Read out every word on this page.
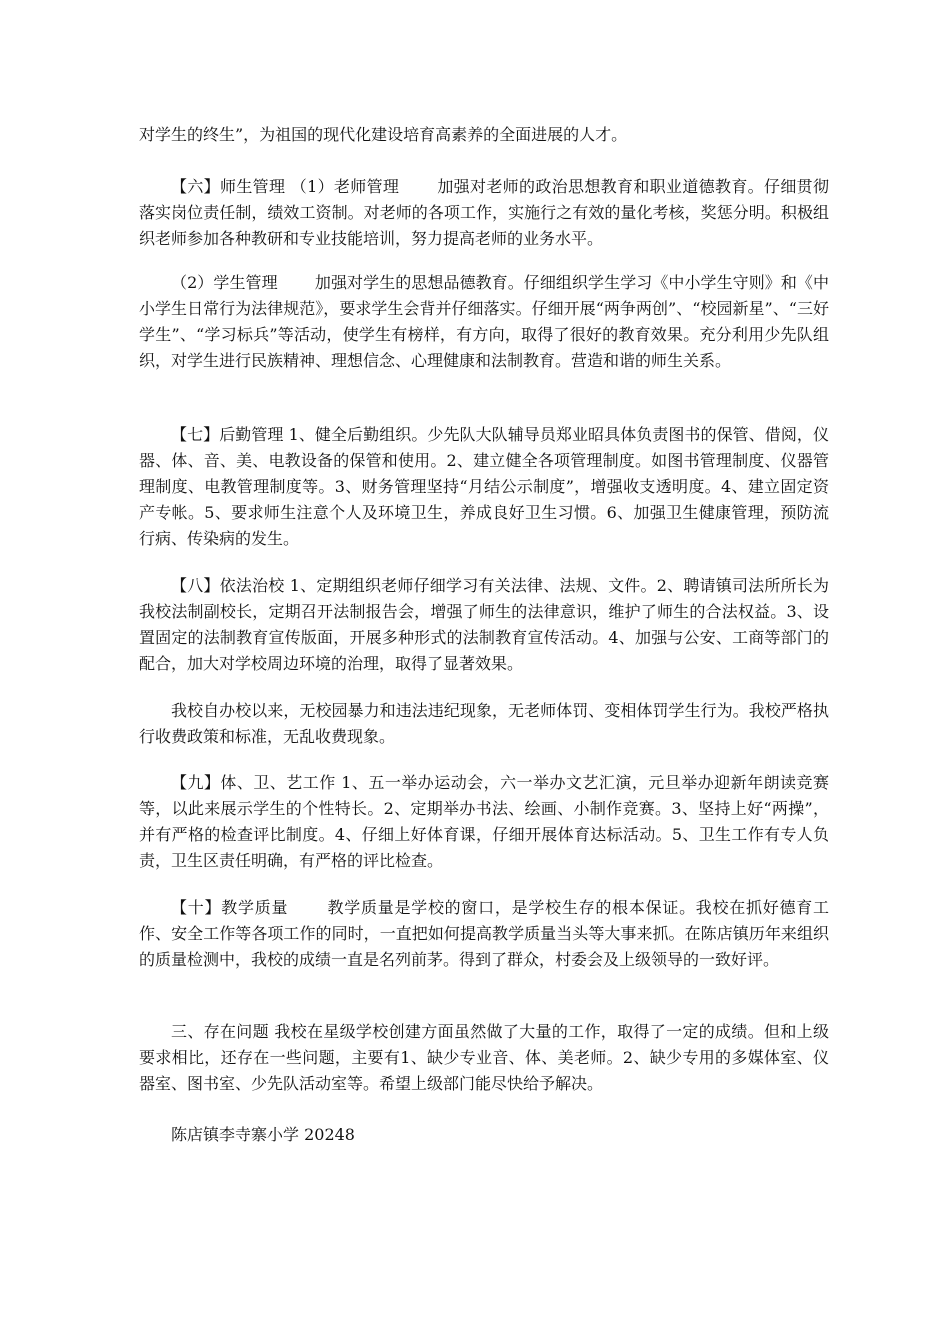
对学生的终生”，为祖国的现代化建设培育高素养的全面进展的人才。

【六】师生管理 （1）老师管理 　　加强对老师的政治思想教育和职业道德教育。仔细贯彻落实岗位责任制，绩效工资制。对老师的各项工作，实施行之有效的量化考核，奖惩分明。积极组织老师参加各种教研和专业技能培训，努力提高老师的业务水平。

（2）学生管理 　　加强对学生的思想品德教育。仔细组织学生学习《中小学生守则》和《中小学生日常行为法律规范》，要求学生会背并仔细落实。仔细开展“两争两创”、“校园新星”、“三好学生”、“学习标兵”等活动，使学生有榜样，有方向，取得了很好的教育效果。充分利用少先队组织，对学生进行民族精神、理想信念、心理健康和法制教育。营造和谐的师生关系。

【七】后勤管理 1、健全后勤组织。少先队大队辅导员郑业昭具体负责图书的保管、借阅，仪器、体、音、美、电教设备的保管和使用。2、建立健全各项管理制度。如图书管理制度、仪器管理制度、电教管理制度等。3、财务管理坚持“月结公示制度”，增强收支透明度。4、建立固定资产专帐。5、要求师生注意个人及环境卫生，养成良好卫生习惯。6、加强卫生健康管理，预防流行病、传染病的发生。

【八】依法治校 1、定期组织老师仔细学习有关法律、法规、文件。2、聘请镇司法所所长为我校法制副校长，定期召开法制报告会，增强了师生的法律意识，维护了师生的合法权益。3、设置固定的法制教育宣传版面，开展多种形式的法制教育宣传活动。4、加强与公安、工商等部门的配合，加大对学校周边环境的治理，取得了显著效果。

我校自办校以来，无校园暴力和违法违纪现象，无老师体罚、变相体罚学生行为。我校严格执行收费政策和标准，无乱收费现象。

【九】体、卫、艺工作 1、五一举办运动会，六一举办文艺汇演，元旦举办迎新年朗读竞赛等，以此来展示学生的个性特长。2、定期举办书法、绘画、小制作竞赛。3、坚持上好“两操”，并有严格的检查评比制度。4、仔细上好体育课，仔细开展体育达标活动。5、卫生工作有专人负责，卫生区责任明确，有严格的评比检查。

【十】教学质量 　　教学质量是学校的窗口，是学校生存的根本保证。我校在抓好德育工作、安全工作等各项工作的同时，一直把如何提高教学质量当头等大事来抓。在陈店镇历年来组织的质量检测中，我校的成绩一直是名列前茅。得到了群众，村委会及上级领导的一致好评。

三、存在问题 我校在星级学校创建方面虽然做了大量的工作，取得了一定的成绩。但和上级要求相比，还存在一些问题，主要有1、缺少专业音、体、美老师。2、缺少专用的多媒体室、仪器室、图书室、少先队活动室等。希望上级部门能尽快给予解决。

陈店镇李寺寨小学 20248
